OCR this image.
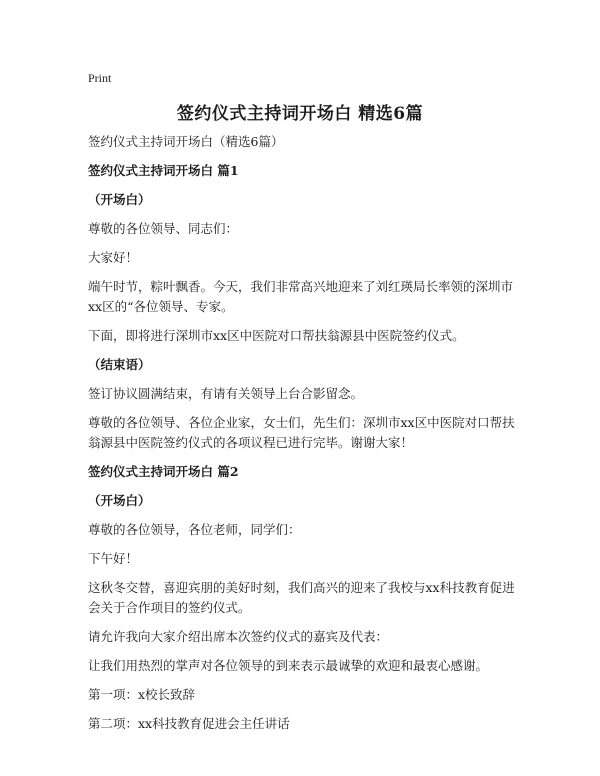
Print
签约仪式主持词开场白 精选6篇
签约仪式主持词开场白（精选6篇）
签约仪式主持词开场白 篇1
（开场白）
尊敬的各位领导、同志们：
大家好！
端午时节，粽叶飘香。今天，我们非常高兴地迎来了刘红瑛局长率领的深圳市xx区的“各位领导、专家。
下面，即将进行深圳市xx区中医院对口帮扶翁源县中医院签约仪式。
（结束语）
签订协议圆满结束，有请有关领导上台合影留念。
尊敬的各位领导、各位企业家，女士们，先生们：深圳市xx区中医院对口帮扶翁源县中医院签约仪式的各项议程已进行完毕。谢谢大家！
签约仪式主持词开场白 篇2
（开场白）
尊敬的各位领导，各位老师，同学们：
下午好！
这秋冬交替，喜迎宾朋的美好时刻，我们高兴的迎来了我校与xx科技教育促进会关于合作项目的签约仪式。
请允许我向大家介绍出席本次签约仪式的嘉宾及代表：
让我们用热烈的掌声对各位领导的到来表示最诚挚的欢迎和最衷心感谢。
第一项：x校长致辞
第二项：xx科技教育促进会主任讲话
